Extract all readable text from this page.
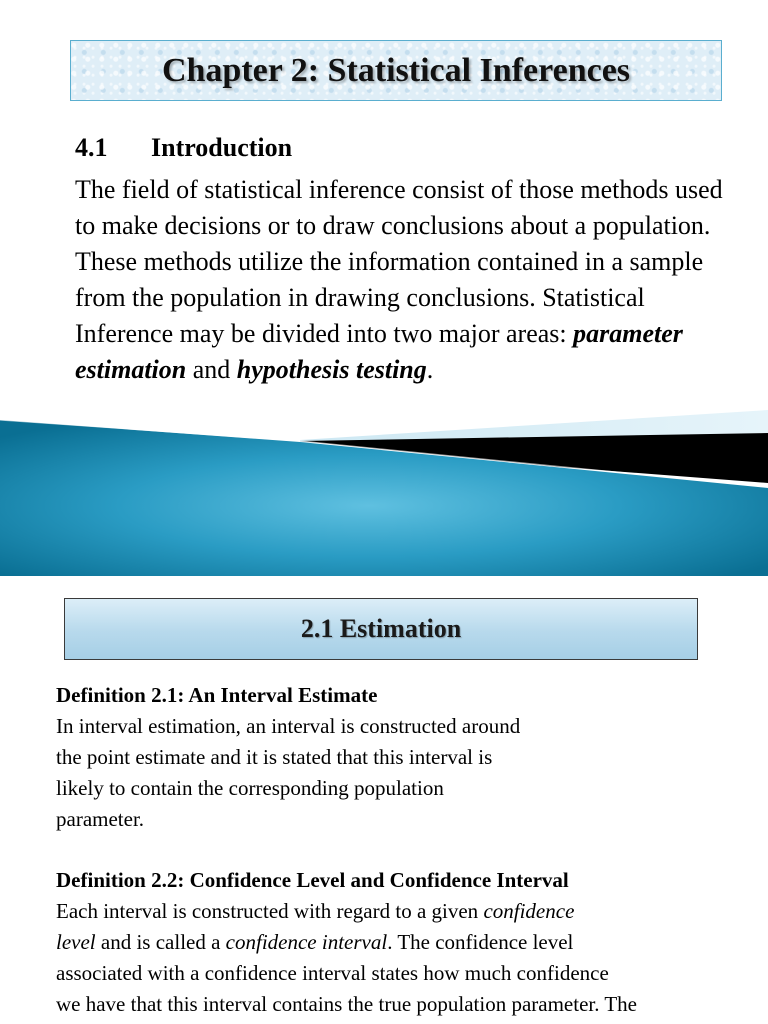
Chapter 2: Statistical Inferences
4.1 Introduction
The field of statistical inference consist of those methods used to make decisions or to draw conclusions about a population. These methods utilize the information contained in a sample from the population in drawing conclusions. Statistical Inference may be divided into two major areas: parameter estimation and hypothesis testing.
2.1 Estimation
Definition 2.1: An Interval Estimate
In interval estimation, an interval is constructed around
the point estimate and it is stated that this interval is
likely to contain the corresponding population
parameter.
Definition 2.2: Confidence Level and Confidence Interval
Each interval is constructed with regard to a given confidence
level and is called a confidence interval. The confidence level
associated with a confidence interval states how much confidence
we have that this interval contains the true population parameter. The
